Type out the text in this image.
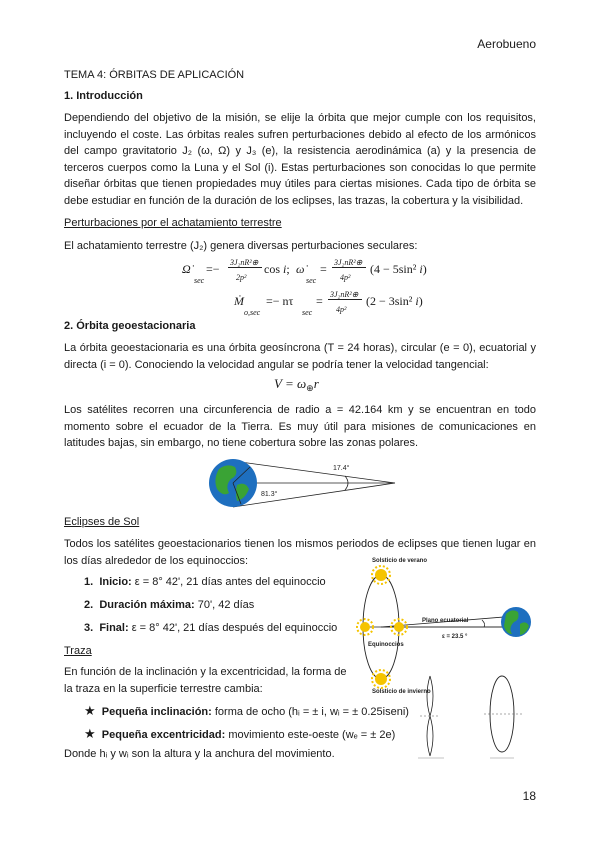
Aerobueno
TEMA 4: ÓRBITAS DE APLICACIÓN
1. Introducción
Dependiendo del objetivo de la misión, se elije la órbita que mejor cumple con los requisitos, incluyendo el coste. Las órbitas reales sufren perturbaciones debido al efecto de los armónicos del campo gravitatorio J₂ (ω, Ω) y J₃ (e), la resistencia aerodinámica (a) y la presencia de terceros cuerpos como la Luna y el Sol (i). Estas perturbaciones son conocidas lo que permite diseñar órbitas que tienen propiedades muy útiles para ciertas misiones. Cada tipo de órbita se debe estudiar en función de la duración de los eclipses, las trazas, la cobertura y la visibilidad.
Perturbaciones por el achatamiento terrestre
El achatamiento terrestre (J₂) genera diversas perturbaciones seculares:
Ω̇
sec
=− 3J₂nR²⊕
2p²
cos i; ω̇
sec
= 3J₂nR²⊕
4p²
(4 − 5sin² i)
Ṁ
o,sec
=− nτ
sec
= 3J₂nR²⊕
4p²
(2 − 3sin² i)
2. Órbita geoestacionaria
La órbita geoestacionaria es una órbita geosíncrona (T = 24 horas), circular (e = 0), ecuatorial y directa (i = 0). Conociendo la velocidad angular se podría tener la velocidad tangencial:
$V = \omega_\oplus r$
Los satélites recorren una circunferencia de radio a = 42.164 km y se encuentran en todo momento sobre el ecuador de la Tierra. Es muy útil para misiones de comunicaciones en latitudes bajas, sin embargo, no tiene cobertura sobre las zonas polares.
17.4°
81.3°
Eclipses de Sol
Todos los satélites geoestacionarios tienen los mismos periodos de eclipses que tienen lugar en los días alrededor de los equinoccios:
1. Inicio: ε = 8° 42', 21 días antes del equinoccio
2. Duración máxima: 70', 42 días
3. Final: ε = 8° 42', 21 días después del equinoccio
Solsticio de verano
Solsticio de invierno
Equinoccios
Plano ecuatorial
ε = 23.5 °
Traza
En función de la inclinación y la excentricidad, la forma de la traza en la superficie terrestre cambia:
★ Pequeña inclinación: forma de ocho (hᵢ = ± i, wᵢ = ± 0.25iseni)
★ Pequeña excentricidad: movimiento este-oeste (wₑ = ± 2e)
Donde hᵢ y wᵢ son la altura y la anchura del movimiento.
18
